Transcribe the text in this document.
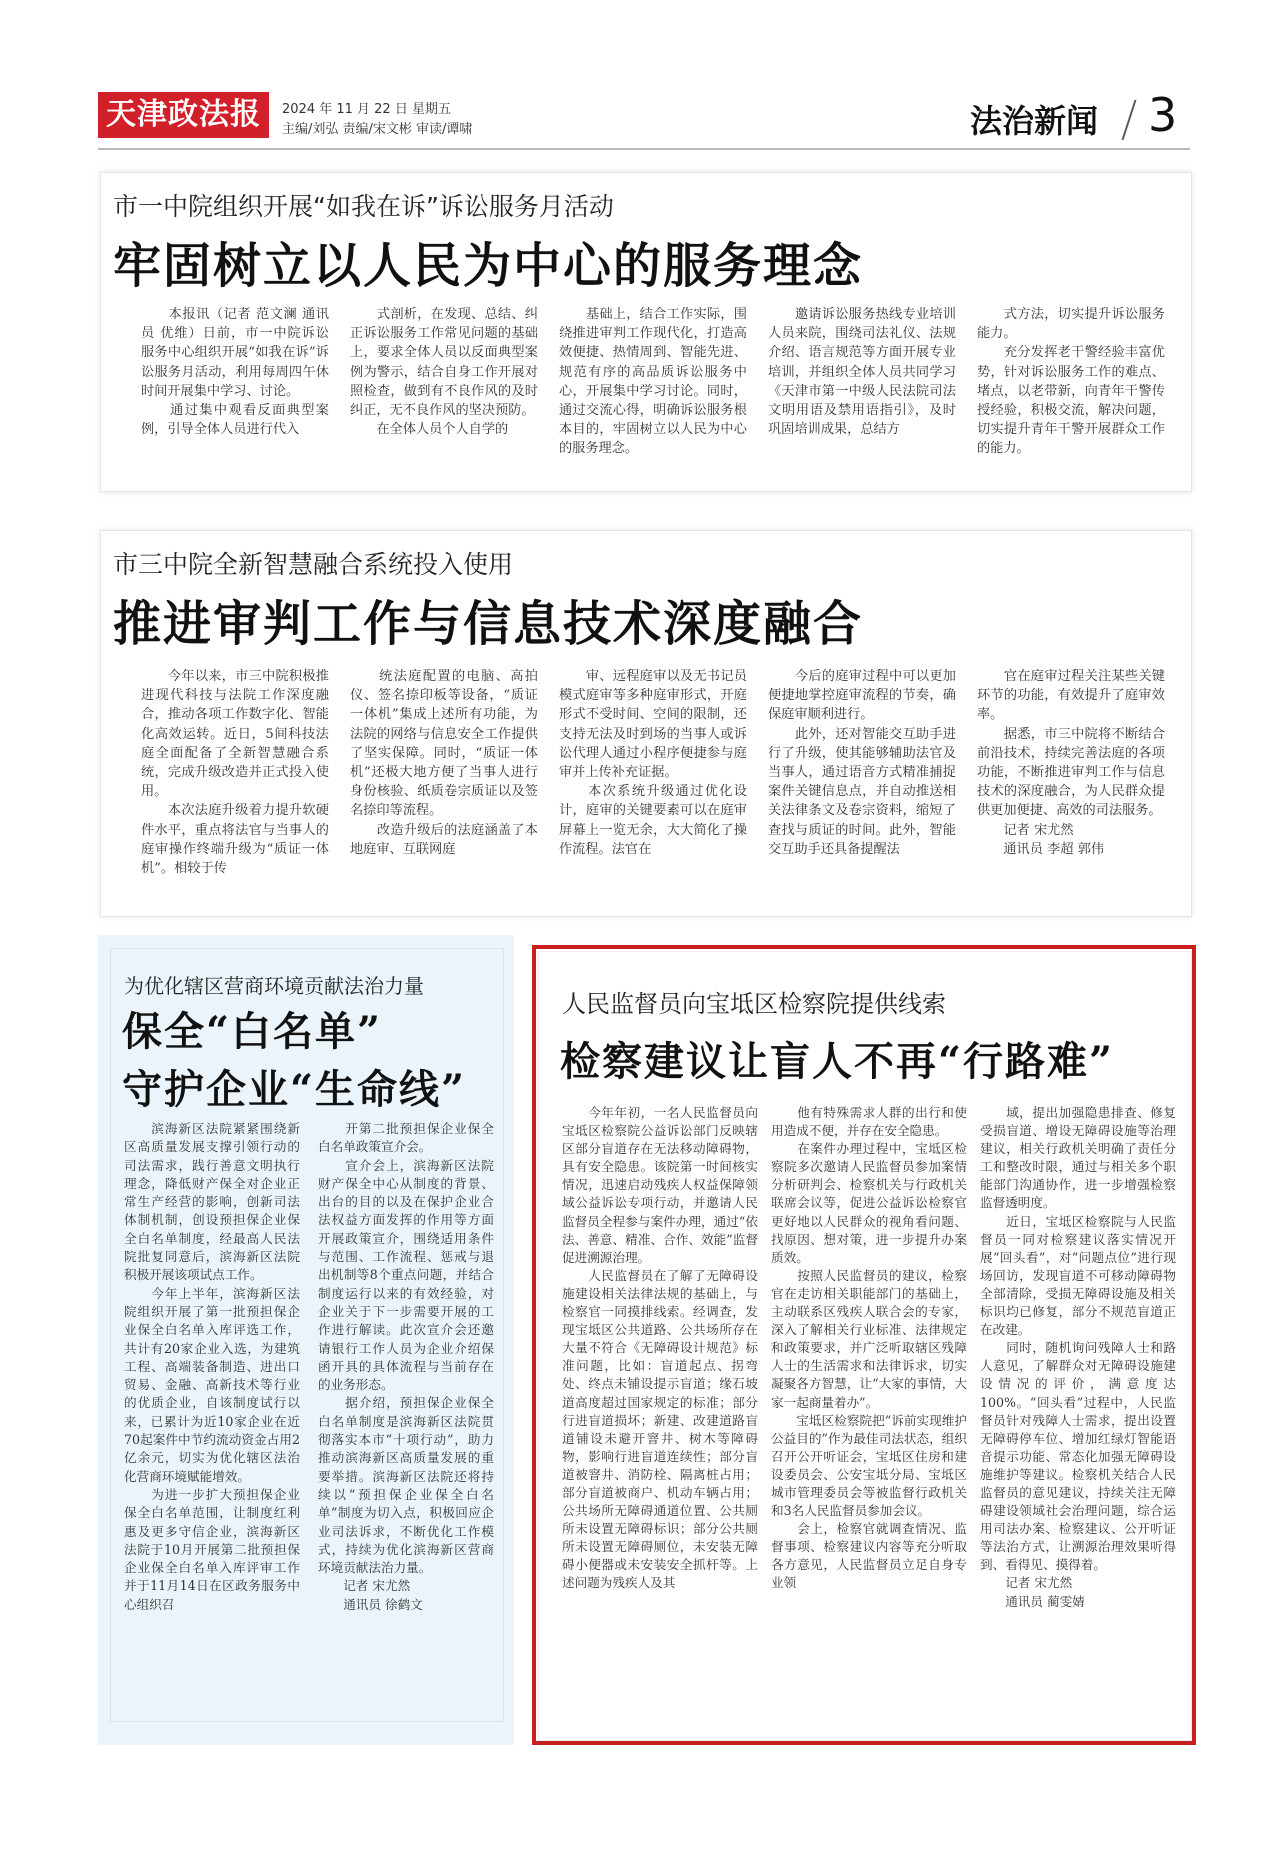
天津政法报	2024 年 11 月 22 日 星期五
主编/刘弘 责编/宋文彬 审读/谭啸	法治新闻 3
市一中院组织开展“如我在诉”诉讼服务月活动
牢固树立以人民为中心的服务理念

　　本报讯（记者 范文澜 通讯员 优维）日前，市一中院诉讼服务中心组织开展“如我在诉”诉讼服务月活动，利用每周四午休时间开展集中学习、讨论。
　　通过集中观看反面典型案例，引导全体人员进行代入

　　式剖析，在发现、总结、纠正诉讼服务工作常见问题的基础上，要求全体人员以反面典型案例为警示，结合自身工作开展对照检查，做到有不良作风的及时纠正，无不良作风的坚决预防。
　　在全体人员个人自学的

　　基础上，结合工作实际，围绕推进审判工作现代化，打造高效便捷、热情周到、智能先进、规范有序的高品质诉讼服务中心，开展集中学习讨论。同时，通过交流心得，明确诉讼服务根本目的，牢固树立以人民为中心的服务理念。

　　邀请诉讼服务热线专业培训人员来院，围绕司法礼仪、法规介绍、语言规范等方面开展专业培训，并组织全体人员共同学习《天津市第一中级人民法院司法文明用语及禁用语指引》，及时巩固培训成果，总结方

　　式方法，切实提升诉讼服务能力。
　　充分发挥老干警经验丰富优势，针对诉讼服务工作的难点、堵点，以老带新，向青年干警传授经验，积极交流，解决问题，切实提升青年干警开展群众工作的能力。

市三中院全新智慧融合系统投入使用
推进审判工作与信息技术深度融合

　　今年以来，市三中院积极推进现代科技与法院工作深度融合，推动各项工作数字化、智能化高效运转。近日，5间科技法庭全面配备了全新智慧融合系统，完成升级改造并正式投入使用。
　　本次法庭升级着力提升软硬件水平，重点将法官与当事人的庭审操作终端升级为“质证一体机”。相较于传

　　统法庭配置的电脑、高拍仪、签名捺印板等设备，“质证一体机”集成上述所有功能，为法院的网络与信息安全工作提供了坚实保障。同时，“质证一体机”还极大地方便了当事人进行身份核验、纸质卷宗质证以及签名捺印等流程。
　　改造升级后的法庭涵盖了本地庭审、互联网庭

　　审、远程庭审以及无书记员模式庭审等多种庭审形式，开庭形式不受时间、空间的限制，还支持无法及时到场的当事人或诉讼代理人通过小程序便捷参与庭审并上传补充证据。
　　本次系统升级通过优化设计，庭审的关键要素可以在庭审屏幕上一览无余，大大简化了操作流程。法官在

　　今后的庭审过程中可以更加便捷地掌控庭审流程的节奏，确保庭审顺利进行。
　　此外，还对智能交互助手进行了升级，使其能够辅助法官及当事人，通过语音方式精准捕捉案件关键信息点，并自动推送相关法律条文及卷宗资料，缩短了查找与质证的时间。此外，智能交互助手还具备提醒法

　　官在庭审过程关注某些关键环节的功能，有效提升了庭审效率。
　　据悉，市三中院将不断结合前沿技术，持续完善法庭的各项功能，不断推进审判工作与信息技术的深度融合，为人民群众提供更加便捷、高效的司法服务。

　　记者 宋尤然

　　通讯员 李超 郭伟

为优化辖区营商环境贡献法治力量
保全“白名单”
守护企业“生命线”

　　滨海新区法院紧紧围绕新区高质量发展支撑引领行动的司法需求，践行善意文明执行理念，降低财产保全对企业正常生产经营的影响，创新司法体制机制，创设预担保企业保全白名单制度，经最高人民法院批复同意后，滨海新区法院积极开展该项试点工作。
　　今年上半年，滨海新区法院组织开展了第一批预担保企业保全白名单入库评选工作，共计有20家企业入选，为建筑工程、高端装备制造、进出口贸易、金融、高新技术等行业的优质企业，自该制度试行以来，已累计为近10家企业在近70起案件中节约流动资金占用2亿余元，切实为优化辖区法治化营商环境赋能增效。
　　为进一步扩大预担保企业保全白名单范围，让制度红利惠及更多守信企业，滨海新区法院于10月开展第二批预担保企业保全白名单入库评审工作并于11月14日在区政务服务中心组织召

　　开第二批预担保企业保全白名单政策宣介会。
　　宣介会上，滨海新区法院财产保全中心从制度的背景、出台的目的以及在保护企业合法权益方面发挥的作用等方面开展政策宣介，围绕适用条件与范围、工作流程、惩戒与退出机制等8个重点问题，并结合制度运行以来的有效经验，对企业关于下一步需要开展的工作进行解读。此次宣介会还邀请银行工作人员为企业介绍保函开具的具体流程与当前存在的业务形态。
　　据介绍，预担保企业保全白名单制度是滨海新区法院贯彻落实本市“十项行动”，助力推动滨海新区高质量发展的重要举措。滨海新区法院还将持续以“预担保企业保全白名单”制度为切入点，积极回应企业司法诉求，不断优化工作模式，持续为优化滨海新区营商环境贡献法治力量。

　　记者 宋尤然

　　通讯员 徐鹤文

人民监督员向宝坻区检察院提供线索
检察建议让盲人不再“行路难”

　　今年年初，一名人民监督员向宝坻区检察院公益诉讼部门反映辖区部分盲道存在无法移动障碍物，具有安全隐患。该院第一时间核实情况，迅速启动残疾人权益保障领域公益诉讼专项行动，并邀请人民监督员全程参与案件办理，通过“依法、善意、精准、合作、效能”监督促进溯源治理。
　　人民监督员在了解了无障碍设施建设相关法律法规的基础上，与检察官一同摸排线索。经调查，发现宝坻区公共道路、公共场所存在大量不符合《无障碍设计规范》标准问题，比如：盲道起点、拐弯处、终点未铺设提示盲道；缘石坡道高度超过国家规定的标准；部分行进盲道损坏；新建、改建道路盲道铺设未避开窨井、树木等障碍物，影响行进盲道连续性；部分盲道被窨井、消防栓、隔离桩占用；部分盲道被商户、机动车辆占用；公共场所无障碍通道位置、公共厕所未设置无障碍标识；部分公共厕所未设置无障碍厕位，未安装无障碍小便器或未安装安全抓杆等。上述问题为残疾人及其

　　他有特殊需求人群的出行和使用造成不便，并存在安全隐患。
　　在案件办理过程中，宝坻区检察院多次邀请人民监督员参加案情分析研判会、检察机关与行政机关联席会议等，促进公益诉讼检察官更好地以人民群众的视角看问题、找原因、想对策，进一步提升办案质效。
　　按照人民监督员的建议，检察官在走访相关职能部门的基础上，主动联系区残疾人联合会的专家，深入了解相关行业标准、法律规定和政策要求，并广泛听取辖区残障人士的生活需求和法律诉求，切实凝聚各方智慧，让“大家的事情，大家一起商量着办”。
　　宝坻区检察院把“诉前实现维护公益目的”作为最佳司法状态，组织召开公开听证会，宝坻区住房和建设委员会、公安宝坻分局、宝坻区城市管理委员会等被监督行政机关和3名人民监督员参加会议。
　　会上，检察官就调查情况、监督事项、检察建议内容等充分听取各方意见，人民监督员立足自身专业领

　　域，提出加强隐患排查、修复受损盲道、增设无障碍设施等治理建议，相关行政机关明确了责任分工和整改时限，通过与相关多个职能部门沟通协作，进一步增强检察监督透明度。
　　近日，宝坻区检察院与人民监督员一同对检察建议落实情况开展“回头看”，对“问题点位”进行现场回访，发现盲道不可移动障碍物全部清除，受损无障碍设施及相关标识均已修复，部分不规范盲道正在改建。
　　同时，随机询问残障人士和路人意见，了解群众对无障碍设施建设情况的评价，满意度达100%。“回头看”过程中，人民监督员针对残障人士需求，提出设置无障碍停车位、增加红绿灯智能语音提示功能、常态化加强无障碍设施维护等建议。检察机关结合人民监督员的意见建议，持续关注无障碍建设领域社会治理问题，综合运用司法办案、检察建议、公开听证等法治方式，让溯源治理效果听得到、看得见、摸得着。

　　记者 宋尤然

　　通讯员 蔺雯婧
